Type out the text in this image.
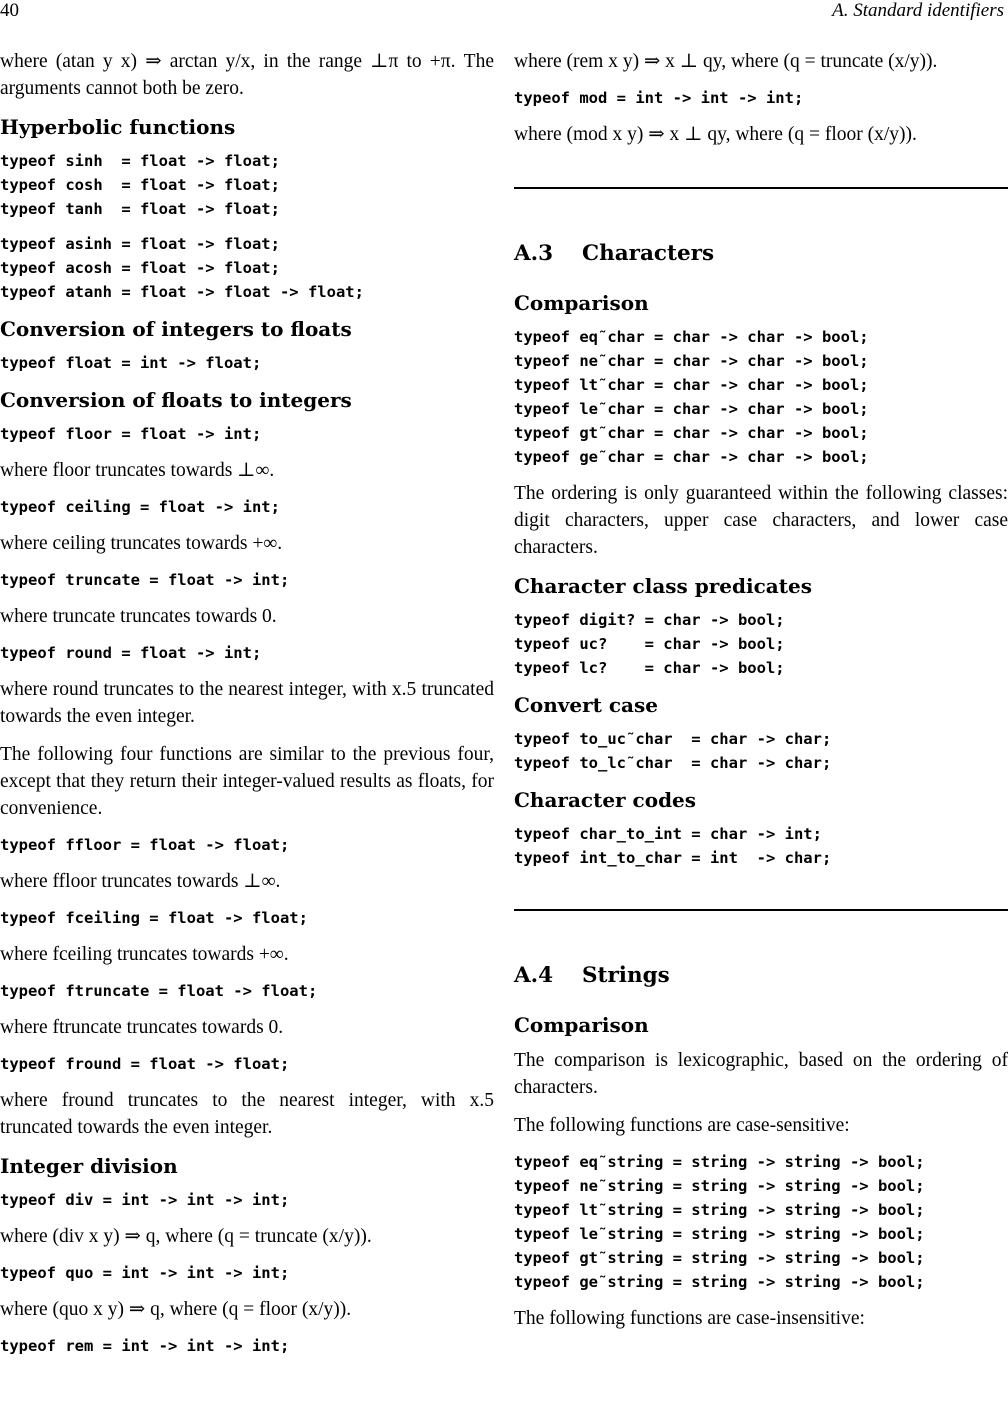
40	A. Standard identifiers

where (atan y x) ⇒ arctan y/x, in the range ⊥π to +π. The arguments cannot both be zero.

Hyperbolic functions
typeof sinh  = float -> float;
typeof cosh  = float -> float;
typeof tanh  = float -> float;
typeof asinh = float -> float;
typeof acosh = float -> float;
typeof atanh = float -> float -> float;
Conversion of integers to floats
typeof float = int -> float;
Conversion of floats to integers
typeof floor = float -> int;

where floor truncates towards ⊥∞.

typeof ceiling = float -> int;

where ceiling truncates towards +∞.

typeof truncate = float -> int;

where truncate truncates towards 0.

typeof round = float -> int;

where round truncates to the nearest integer, with x.5 truncated towards the even integer.

The following four functions are similar to the previous four, except that they return their integer-valued results as floats, for convenience.

typeof ffloor = float -> float;

where ffloor truncates towards ⊥∞.

typeof fceiling = float -> float;

where fceiling truncates towards +∞.

typeof ftruncate = float -> float;

where ftruncate truncates towards 0.

typeof fround = float -> float;

where fround truncates to the nearest integer, with x.5 truncated towards the even integer.

Integer division
typeof div = int -> int -> int;

where (div x y) ⇒ q, where (q = truncate (x/y)).

typeof quo = int -> int -> int;

where (quo x y) ⇒ q, where (q = floor (x/y)).

typeof rem = int -> int -> int;

where (rem x y) ⇒ x ⊥ qy, where (q = truncate (x/y)).

typeof mod = int -> int -> int;

where (mod x y) ⇒ x ⊥ qy, where (q = floor (x/y)).

A.3 Characters
Comparison
typeof eq˜char = char -> char -> bool;
typeof ne˜char = char -> char -> bool;
typeof lt˜char = char -> char -> bool;
typeof le˜char = char -> char -> bool;
typeof gt˜char = char -> char -> bool;
typeof ge˜char = char -> char -> bool;

The ordering is only guaranteed within the following classes: digit characters, upper case characters, and lower case characters.

Character class predicates
typeof digit? = char -> bool;
typeof uc?    = char -> bool;
typeof lc?    = char -> bool;
Convert case
typeof to_uc˜char  = char -> char;
typeof to_lc˜char  = char -> char;
Character codes
typeof char_to_int = char -> int;
typeof int_to_char = int  -> char;
A.4 Strings
Comparison

The comparison is lexicographic, based on the ordering of characters.

The following functions are case-sensitive:

typeof eq˜string = string -> string -> bool;
typeof ne˜string = string -> string -> bool;
typeof lt˜string = string -> string -> bool;
typeof le˜string = string -> string -> bool;
typeof gt˜string = string -> string -> bool;
typeof ge˜string = string -> string -> bool;

The following functions are case-insensitive:
